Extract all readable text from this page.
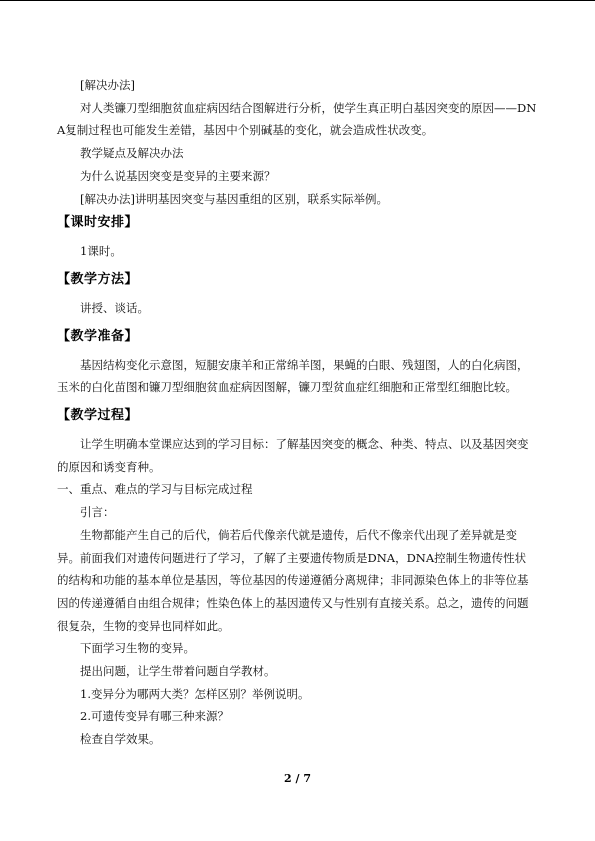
[解决办法]

对人类镰刀型细胞贫血症病因结合图解进行分析，使学生真正明白基因突变的原因——DNA复制过程也可能发生差错，基因中个别碱基的变化，就会造成性状改变。

教学疑点及解决办法

为什么说基因突变是变异的主要来源？

[解决办法]讲明基因突变与基因重组的区别，联系实际举例。

【课时安排】

1课时。

【教学方法】

讲授、谈话。

【教学准备】

基因结构变化示意图，短腿安康羊和正常绵羊图，果蝇的白眼、残翅图，人的白化病图，玉米的白化苗图和镰刀型细胞贫血症病因图解，镰刀型贫血症红细胞和正常型红细胞比较。

【教学过程】

让学生明确本堂课应达到的学习目标：了解基因突变的概念、种类、特点、以及基因突变的原因和诱变育种。

一、重点、难点的学习与目标完成过程

引言：

生物都能产生自己的后代，倘若后代像亲代就是遗传，后代不像亲代出现了差异就是变异。前面我们对遗传问题进行了学习，了解了主要遗传物质是DNA，DNA控制生物遗传性状的结构和功能的基本单位是基因，等位基因的传递遵循分离规律；非同源染色体上的非等位基因的传递遵循自由组合规律；性染色体上的基因遗传又与性别有直接关系。总之，遗传的问题很复杂，生物的变异也同样如此。

下面学习生物的变异。

提出问题，让学生带着问题自学教材。

1.变异分为哪两大类？怎样区别？举例说明。

2.可遗传变异有哪三种来源？

检查自学效果。

2 / 7
